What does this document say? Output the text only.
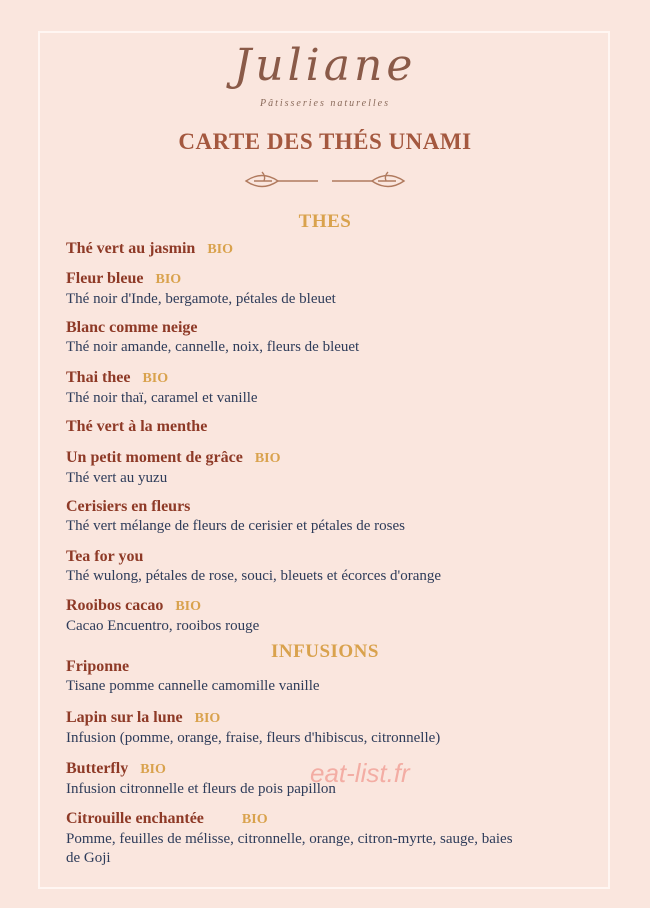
Juliane
Pâtisseries naturelles
CARTE DES THÉS UNAMI
THES
Thé vert au jasmin BIO
Fleur bleue BIO
Thé noir d'Inde, bergamote, pétales de bleuet
Blanc comme neige
Thé noir amande, cannelle, noix, fleurs de bleuet
Thai thee BIO
Thé noir thaï, caramel et vanille
Thé vert à la menthe
Un petit moment de grâce BIO
Thé vert au yuzu
Cerisiers en fleurs
Thé vert mélange de fleurs de cerisier et pétales de roses
Tea for you
Thé wulong, pétales de rose, souci, bleuets et écorces d'orange
Rooibos cacao BIO
Cacao Encuentro, rooibos rouge
INFUSIONS
Friponne
Tisane pomme cannelle camomille vanille
Lapin sur la lune BIO
Infusion (pomme, orange, fraise, fleurs d'hibiscus, citronnelle)
Butterfly BIO
Infusion citronnelle et fleurs de pois papillon
Citrouille enchantée	BIO
Pomme, feuilles de mélisse, citronnelle, orange, citron-myrte, sauge, baies de Goji
eat-list.fr
